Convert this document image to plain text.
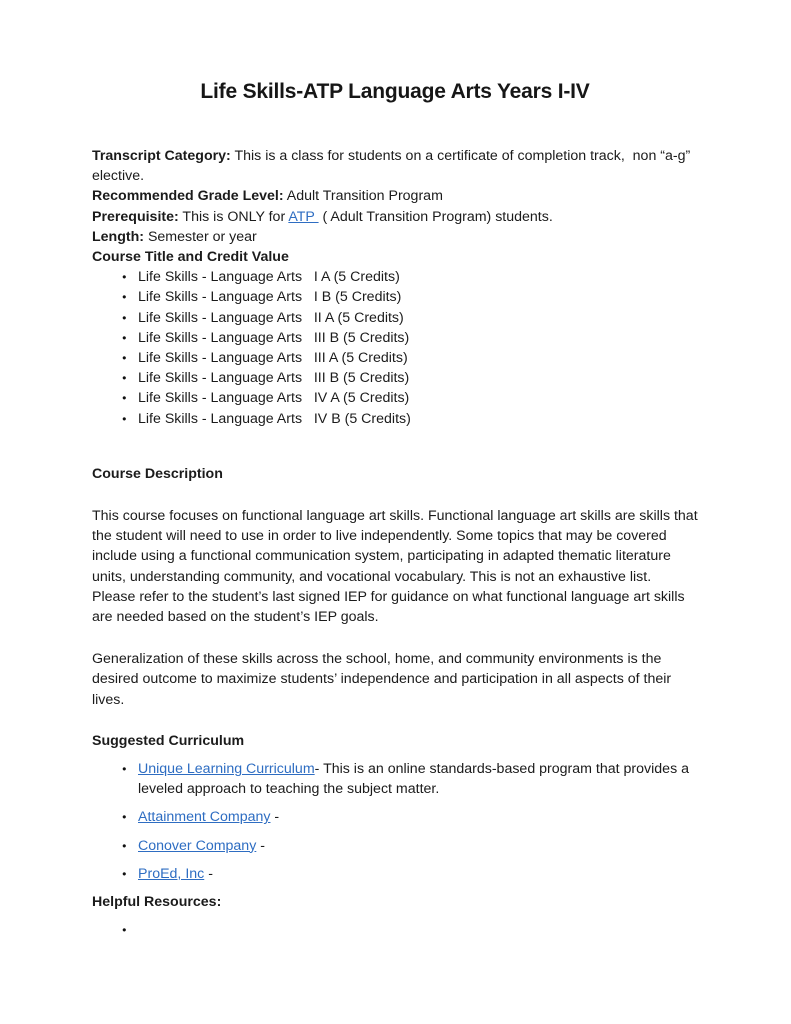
Life Skills-ATP Language Arts Years I-IV

Transcript Category: This is a class for students on a certificate of completion track,  non “a-g” elective.

Recommended Grade Level: Adult Transition Program

Prerequisite: This is ONLY for ATP  ( Adult Transition Program) students.

Length: Semester or year

Course Title and Credit Value

● Life Skills - Language Arts   I A (5 Credits)
● Life Skills - Language Arts   I B (5 Credits)
● Life Skills - Language Arts   II A (5 Credits)
● Life Skills - Language Arts   III B (5 Credits)
● Life Skills - Language Arts   III A (5 Credits)
● Life Skills - Language Arts   III B (5 Credits)
● Life Skills - Language Arts   IV A (5 Credits)
● Life Skills - Language Arts   IV B (5 Credits)

Course Description

This course focuses on functional language art skills. Functional language art skills are skills that the student will need to use in order to live independently. Some topics that may be covered include using a functional communication system, participating in adapted thematic literature units, understanding community, and vocational vocabulary. This is not an exhaustive list. Please refer to the student’s last signed IEP for guidance on what functional language art skills are needed based on the student’s IEP goals.

Generalization of these skills across the school, home, and community environments is the desired outcome to maximize students’ independence and participation in all aspects of their lives.

Suggested Curriculum

● Unique Learning Curriculum- This is an online standards-based program that provides a leveled approach to teaching the subject matter.
● Attainment Company -
● Conover Company -
● ProEd, Inc -

Helpful Resources:

●
